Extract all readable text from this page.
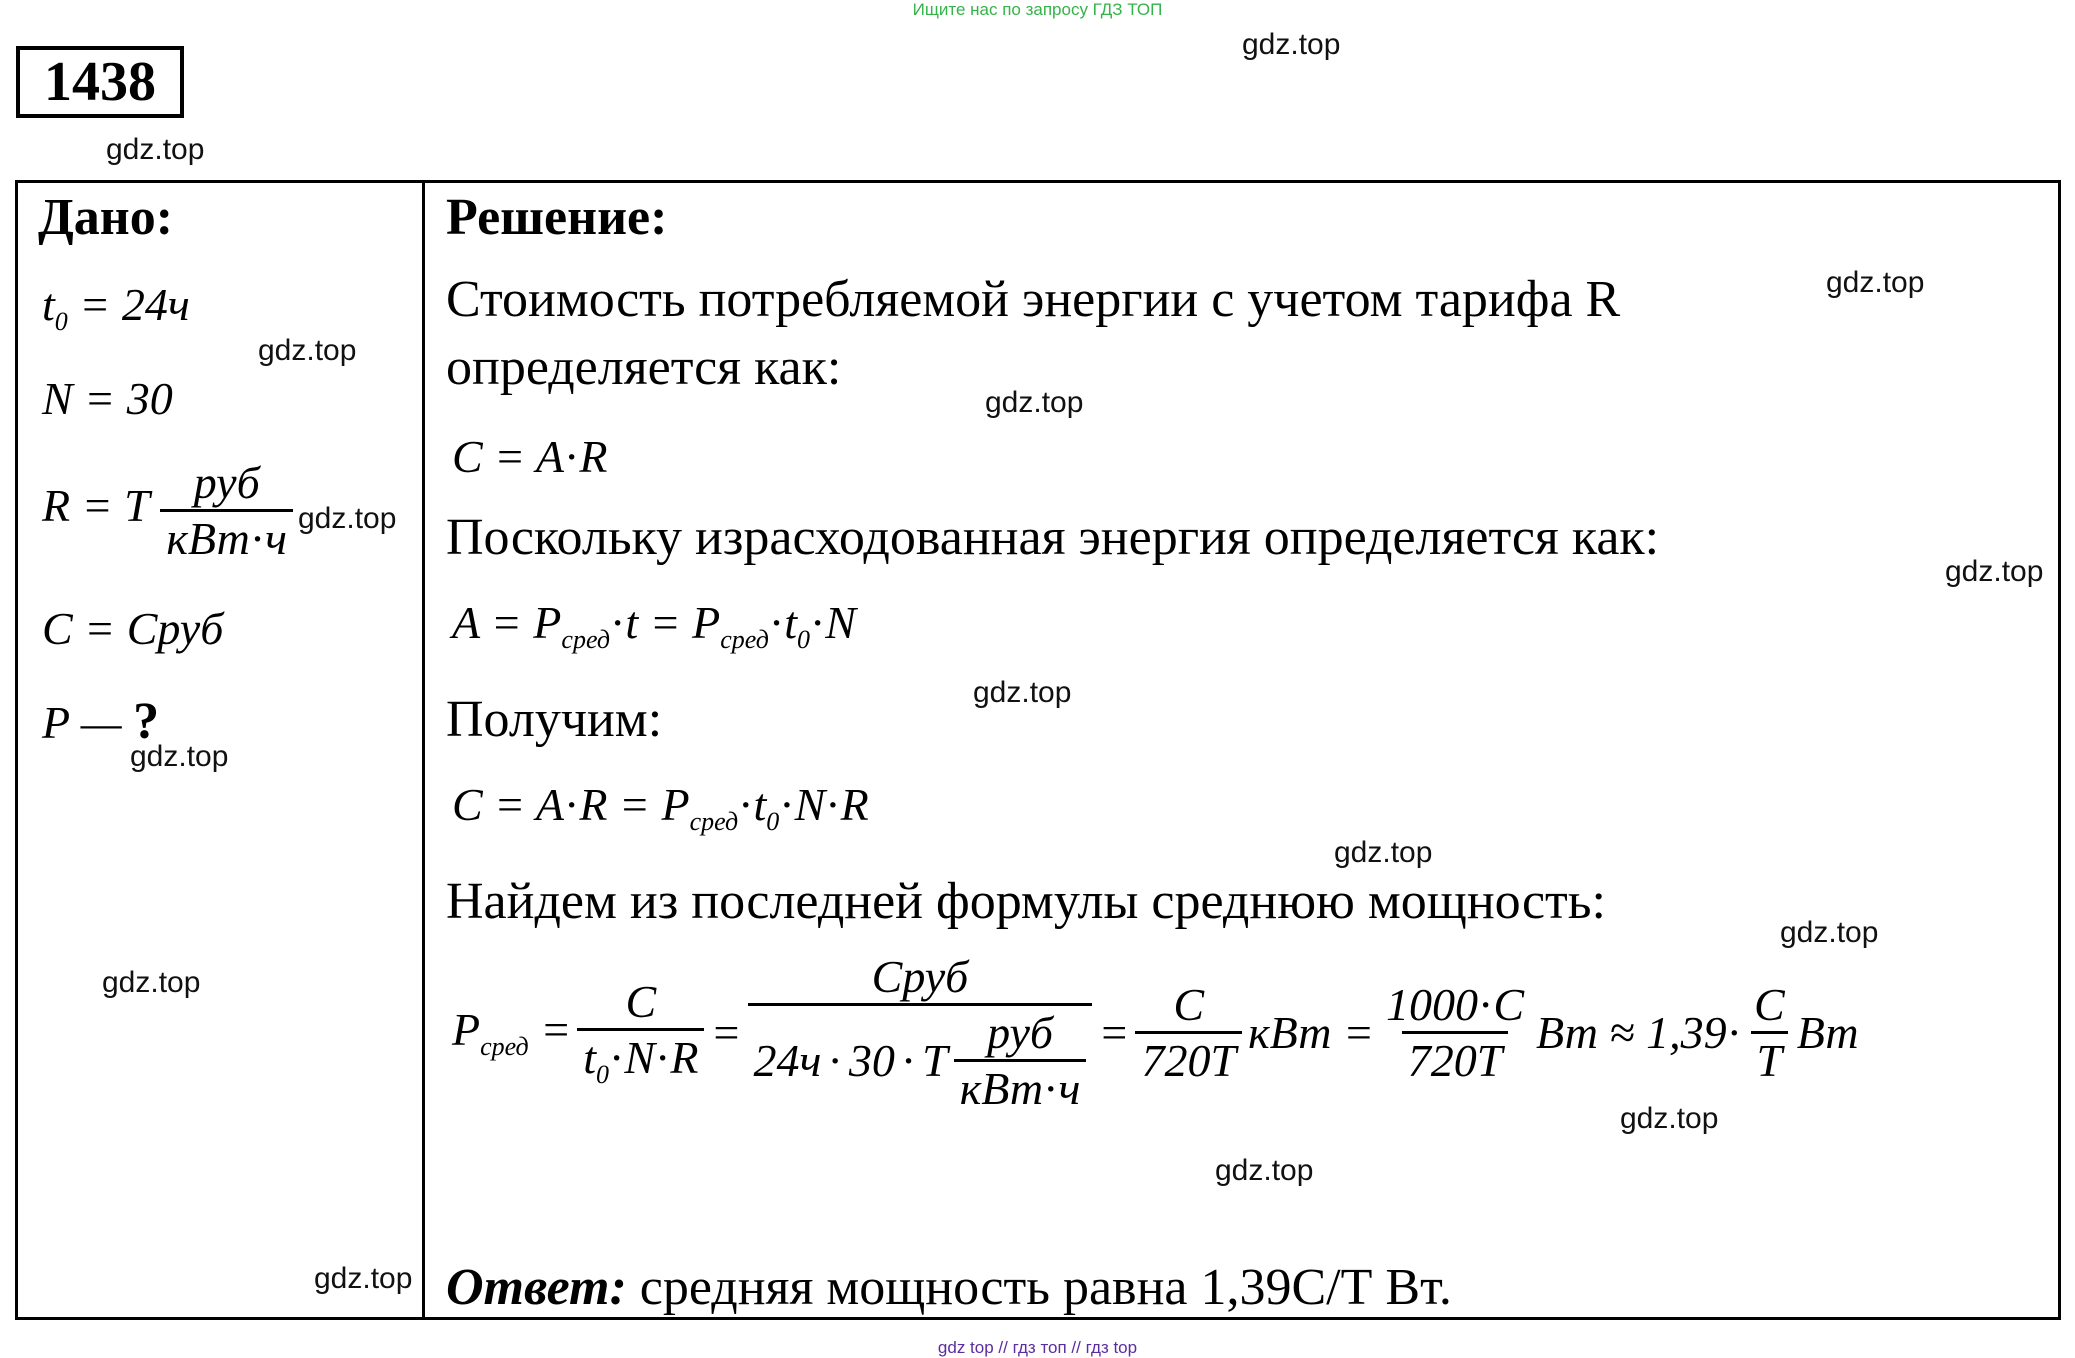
Ищите нас по запросу ГДЗ ТОП
1438
gdz.top
gdz.top
gdz.top
gdz.top
gdz.top
gdz.top
gdz.top
gdz.top
gdz.top
gdz.top
gdz.top
gdz.top
gdz.top
gdz.top
gdz.top
Дано:
$t_0 = 24ч$
N = 30
R = T $\frac{\text{руб}}{\text{кВт·ч}}$
C = Cруб
P — ?
Решение:
Стоимость потребляемой энергии с учетом тарифа R
определяется как:
C = A·R
Поскольку израсходованная энергия определяется как:
$A = P_{сред}\cdot t = P_{сред}\cdot t_0\cdot N$
Получим:
$C = A\cdot R = P_{сред}\cdot t_0\cdot N\cdot R$
Найдем из последней формулы среднюю мощность:
$P_{сред} = \frac{C}{t_0\cdot N\cdot R} = \frac{\text{Cруб}}{24ч \cdot 30 \cdot T \frac{\text{руб}}{\text{кВт·ч}}} = \frac{C}{720T}$ кВт = $\frac{1000\cdot C}{720T}$ Вт ≈ $1,39\cdot \frac{C}{T}$ Вт
Ответ: средняя мощность равна 1,39С/Т Вт.
gdz top // гдз топ // гдз top
